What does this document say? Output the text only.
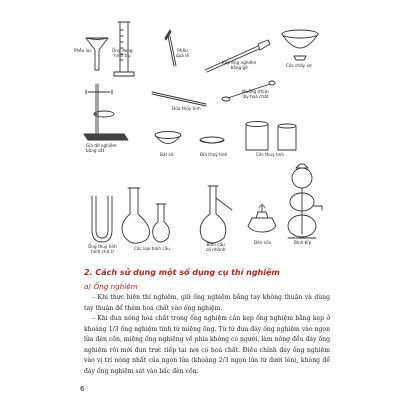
Phễu lọc	Ống đong
hình trụ
Phễu
quả lê
Kẹp ống nghiệm
bằng gỗ	Cốc chảy xơ
Giá đỡ nghiệm
bằng sắt
Đũa thủy tinh
Muỗng (thìa)
lấy hoá chất
Bát sứ	Đĩa thuỷ tinh	Cốc thuỷ tinh
Ống thuỷ tinh
hình chữ U
Các loại bình cầu
Bình cầu
có nhánh
Đèn cồn	Bình Kíp
2. Cách sử dụng một số dụng cụ thí nghiệm
a) Ống nghiệm
– Khi thực hiện thí nghiệm, giữ ống nghiệm bằng tay không thuận và dùng tay thuận để thêm hoá chất vào ống nghiệm.
– Khi đun nóng hoá chất trong ống nghiệm cần kẹp ống nghiệm bằng kẹp ở khoảng 1/3 ống nghiệm tính từ miệng ống. Từ từ đưa đáy ống nghiệm vào ngọn lửa đèn cồn, miệng ống nghiệng về phía không có người, làm nóng đều đáy ống nghiệm rồi mới đun trực tiếp tại nơi có hoá chất. Điều chỉnh đáy ống nghiệm vào vị trí nóng nhất của ngọn lửa (khoảng 2/3 ngọn lửa từ dưới lên), không để đáy ống nghiệm sát vào bấc đèn cồn.
6
